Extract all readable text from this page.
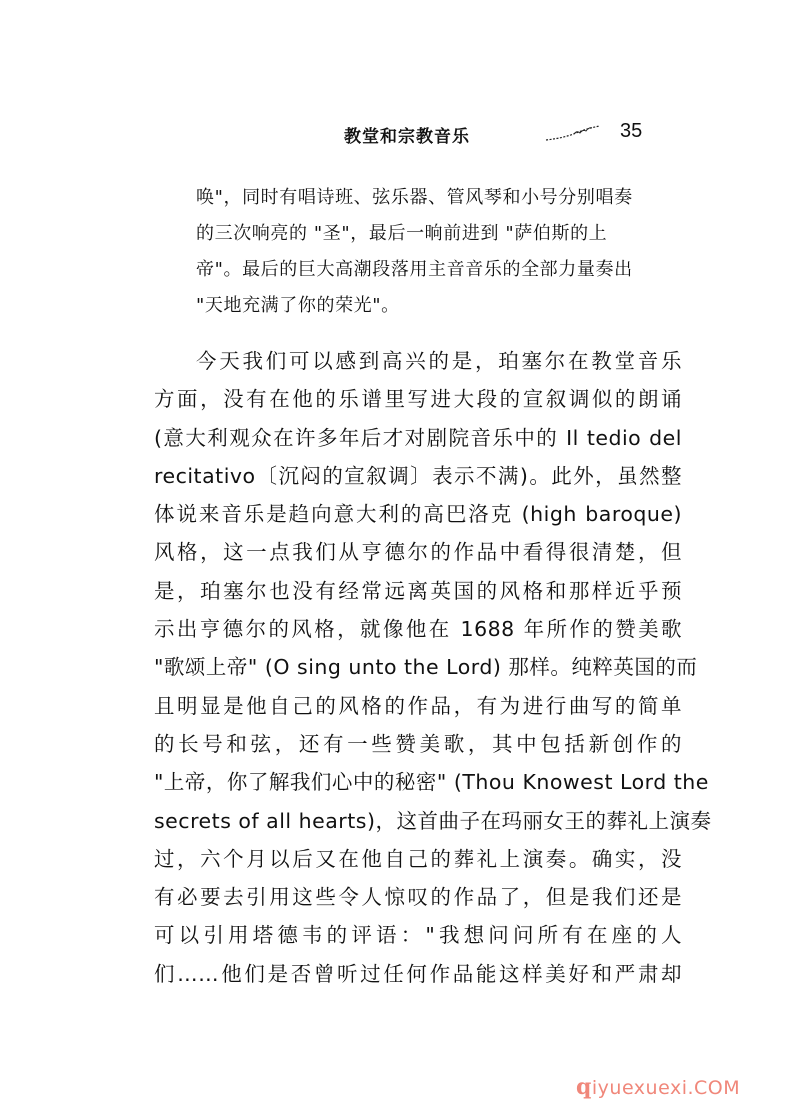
教堂和宗教音乐	35
唤"，同时有唱诗班、弦乐器、管风琴和小号分别唱奏
的三次响亮的 "圣"，最后一晌前进到 "萨伯斯的上
帝"。最后的巨大高潮段落用主音音乐的全部力量奏出
"天地充满了你的荣光"。
今天我们可以感到高兴的是，珀塞尔在教堂音乐
方面，没有在他的乐谱里写进大段的宣叙调似的朗诵
(意大利观众在许多年后才对剧院音乐中的 Il tedio del
recitativo〔沉闷的宣叙调〕表示不满)。此外，虽然整
体说来音乐是趋向意大利的高巴洛克 (high baroque)
风格，这一点我们从亨德尔的作品中看得很清楚，但
是，珀塞尔也没有经常远离英国的风格和那样近乎预
示出亨德尔的风格，就像他在 1688 年所作的赞美歌
"歌颂上帝" (O sing unto the Lord) 那样。纯粹英国的而
且明显是他自己的风格的作品，有为进行曲写的简单
的长号和弦，还有一些赞美歌，其中包括新创作的
"上帝，你了解我们心中的秘密" (Thou Knowest Lord the
secrets of all hearts)，这首曲子在玛丽女王的葬礼上演奏
过，六个月以后又在他自己的葬礼上演奏。确实，没
有必要去引用这些令人惊叹的作品了，但是我们还是
可以引用塔德韦的评语："我想问问所有在座的人
们……他们是否曾听过任何作品能这样美好和严肃却
qiyuexuexi.COM
